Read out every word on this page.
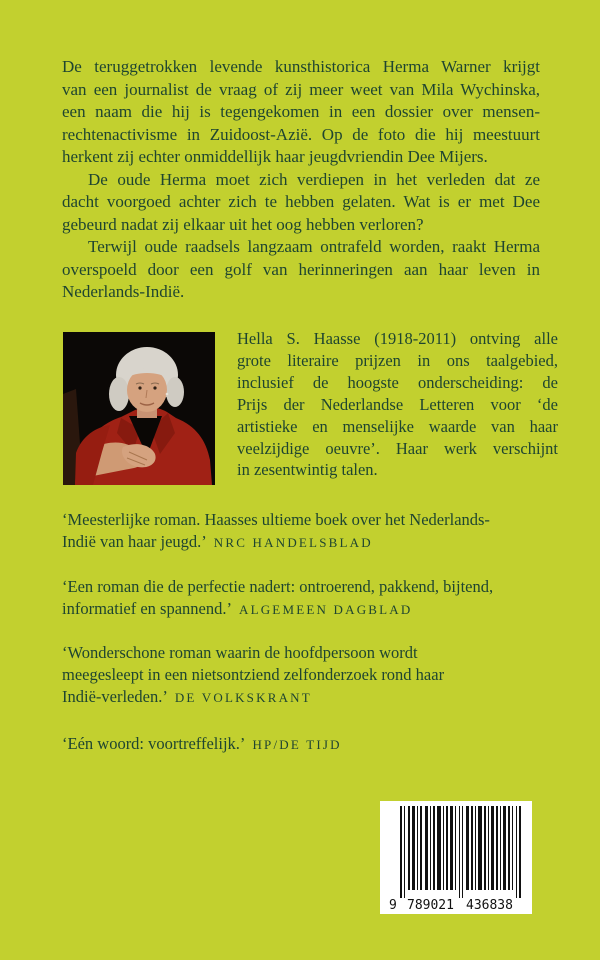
De teruggetrokken levende kunsthistorica Herma Warner krijgt
van een journalist de vraag of zij meer weet van Mila Wychinska,
een naam die hij is tegengekomen in een dossier over mensen-
rechtenactivisme in Zuidoost-Azië. Op de foto die hij meestuurt
herkent zij echter onmiddellijk haar jeugdvriendin Dee Mijers.
De oude Herma moet zich verdiepen in het verleden dat ze
dacht voorgoed achter zich te hebben gelaten. Wat is er met Dee
gebeurd nadat zij elkaar uit het oog hebben verloren?
Terwijl oude raadsels langzaam ontrafeld worden, raakt Herma
overspoeld door een golf van herinneringen aan haar leven in
Nederlands-Indië.
Hella S. Haasse (1918-2011) ontving alle
grote literaire prijzen in ons taalgebied,
inclusief de hoogste onderscheiding: de
Prijs der Nederlandse Letteren voor ‘de
artistieke en menselijke waarde van haar
veelzijdige oeuvre’. Haar werk verschijnt
in zesentwintig talen.
‘Meesterlijke roman. Haasses ultieme boek over het Nederlands-
Indië van haar jeugd.’ NRC HANDELSBLAD
‘Een roman die de perfectie nadert: ontroerend, pakkend, bijtend,
informatief en spannend.’ ALGEMEEN DAGBLAD
‘Wonderschone roman waarin de hoofdpersoon wordt
meegesleept in een nietsontziend zelfonderzoek rond haar
Indië-verleden.’ DE VOLKSKRANT
‘Eén woord: voortreffelijk.’ HP/DE TIJD
9 789021 436838
